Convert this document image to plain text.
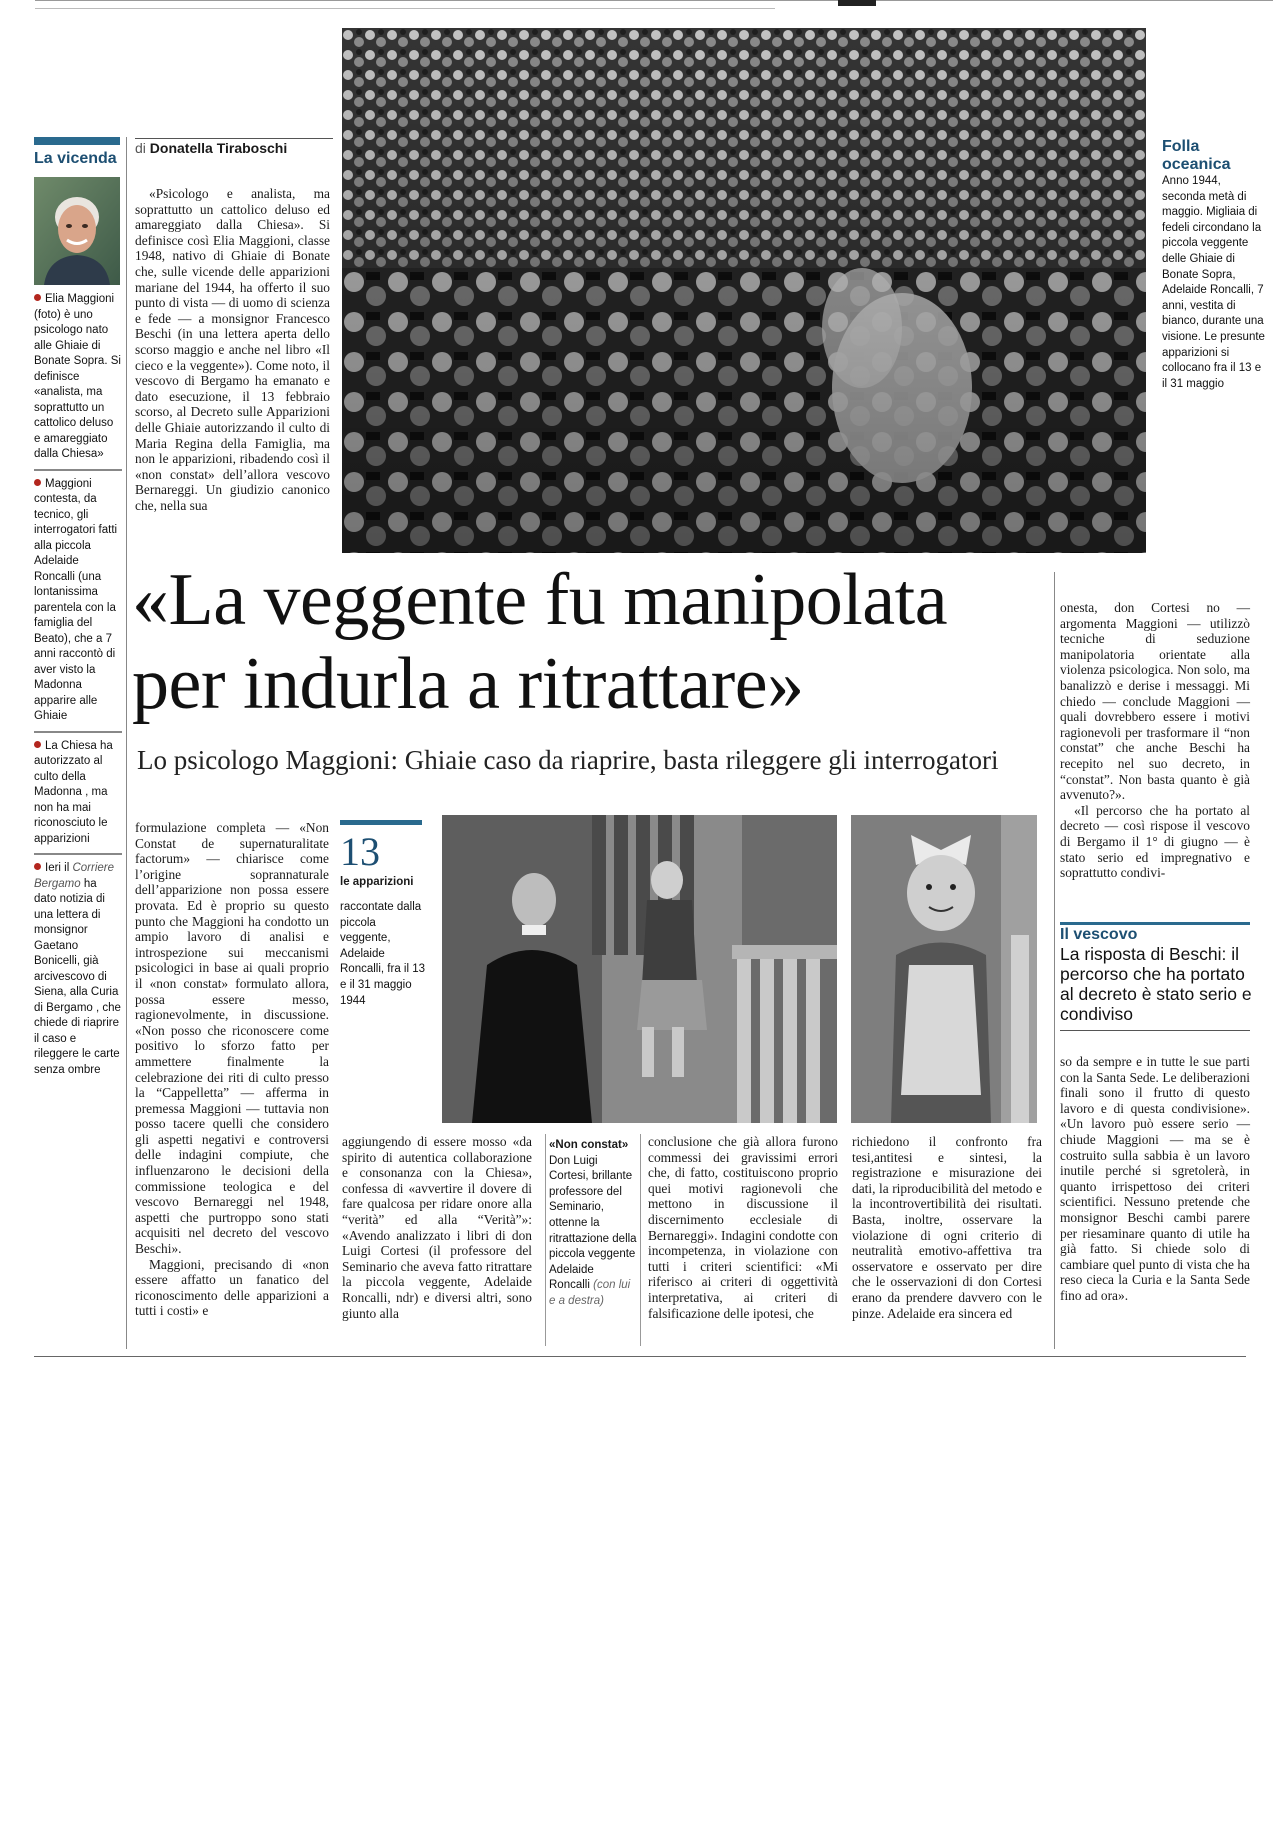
La vicenda
Elia Maggioni (foto) è uno psicologo nato alle Ghiaie di Bonate Sopra. Si definisce «analista, ma soprattutto un cattolico deluso e amareggiato dalla Chiesa»
Maggioni contesta, da tecnico, gli interrogatori fatti alla piccola Adelaide Roncalli (una lontanissima parentela con la famiglia del Beato), che a 7 anni raccontò di aver visto la Madonna apparire alle Ghiaie
La Chiesa ha autorizzato al culto della Madonna , ma non ha mai riconosciuto le apparizioni
Ieri il Corriere Bergamo ha dato notizia di una lettera di monsignor Gaetano Bonicelli, già arcivescovo di Siena, alla Curia di Bergamo , che chiede di riaprire il caso e rileggere le carte senza ombre
di Donatella Tiraboschi

«Psicologo e analista, ma soprattutto un cattolico deluso ed amareggiato dalla Chiesa». Si definisce così Elia Maggioni, classe 1948, nativo di Ghiaie di Bonate che, sulle vicende delle apparizioni mariane del 1944, ha offerto il suo punto di vista — di uomo di scienza e fede — a monsignor Francesco Beschi (in una lettera aperta dello scorso maggio e anche nel libro «Il cieco e la veggente»). Come noto, il vescovo di Bergamo ha emanato e dato esecuzione, il 13 febbraio scorso, al Decreto sulle Apparizioni delle Ghiaie autorizzando il culto di Maria Regina della Famiglia, ma non le apparizioni, ribadendo così il «non constat» dell’allora vescovo Bernareggi. Un giudizio canonico che, nella sua

Folla oceanica
Anno 1944, seconda metà di maggio. Migliaia di fedeli circondano la piccola veggente delle Ghiaie di Bonate Sopra, Adelaide Roncalli, 7 anni, vestita di bianco, durante una visione. Le presunte apparizioni si collocano fra il 13 e il 31 maggio
«La veggente fu manipolata
per indurla a ritrattare»
Lo psicologo Maggioni: Ghiaie caso da riaprire, basta rileggere gli interrogatori

onesta, don Cortesi no — argomenta Maggioni — utilizzò tecniche di seduzione manipolatoria orientate alla violenza psicologica. Non solo, ma banalizzò e derise i messaggi. Mi chiedo — conclude Maggioni — quali dovrebbero essere i motivi ragionevoli per trasformare il “non constat” che anche Beschi ha recepito nel suo decreto, in “constat”. Non basta quanto è già avvenuto?».

«Il percorso che ha portato al decreto — così rispose il vescovo di Bergamo il 1° di giugno — è stato serio ed impregnativo e soprattutto condivi-

Il vescovo
La risposta di Beschi: il percorso che ha portato al decreto è stato serio e condiviso

so da sempre e in tutte le sue parti con la Santa Sede. Le deliberazioni finali sono il frutto di questo lavoro e di questa condivisione». «Un lavoro può essere serio — chiude Maggioni — ma se è costruito sulla sabbia è un lavoro inutile perché si sgretolerà, in quanto irrispettoso dei criteri scientifici. Nessuno pretende che monsignor Beschi cambi parere per riesaminare quanto di utile ha già fatto. Si chiede solo di cambiare quel punto di vista che ha reso cieca la Curia e la Santa Sede fino ad ora».

formulazione completa — «Non Constat de supernaturalitate factorum» — chiarisce come l’origine soprannaturale dell’apparizione non possa essere provata. Ed è proprio su questo punto che Maggioni ha condotto un ampio lavoro di analisi e introspezione sui meccanismi psicologici in base ai quali proprio il «non constat» formulato allora, possa essere messo, ragionevolmente, in discussione. «Non posso che riconoscere come positivo lo sforzo fatto per ammettere finalmente la celebrazione dei riti di culto presso la “Cappelletta” — afferma in premessa Maggioni — tuttavia non posso tacere quelli che considero gli aspetti negativi e controversi delle indagini compiute, che influenzarono le decisioni della commissione teologica e del vescovo Bernareggi nel 1948, aspetti che purtroppo sono stati acquisiti nel decreto del vescovo Beschi».

Maggioni, precisando di «non essere affatto un fanatico del riconoscimento delle apparizioni a tutti i costi» e

13
le apparizioni
raccontate dalla piccola veggente, Adelaide Roncalli, fra il 13 e il 31 maggio 1944

aggiungendo di essere mosso «da spirito di autentica collaborazione e consonanza con la Chiesa», confessa di «avvertire il dovere di fare qualcosa per ridare onore alla “verità” ed alla “Verità”»: «Avendo analizzato i libri di don Luigi Cortesi (il professore del Seminario che aveva fatto ritrattare la piccola veggente, Adelaide Roncalli, ndr) e diversi altri, sono giunto alla

«Non constat»
Don Luigi Cortesi, brillante professore del Seminario, ottenne la ritrattazione della piccola veggente Adelaide Roncalli (con lui e a destra)

conclusione che già allora furono commessi dei gravissimi errori che, di fatto, costituiscono proprio quei motivi ragionevoli che mettono in discussione il discernimento ecclesiale di Bernareggi». Indagini condotte con incompetenza, in violazione con tutti i criteri scientifici: «Mi riferisco ai criteri di oggettività interpretativa, ai criteri di falsificazione delle ipotesi, che

richiedono il confronto fra tesi,antitesi e sintesi, la registrazione e misurazione dei dati, la riproducibilità del metodo e la incontrovertibilità dei risultati. Basta, inoltre, osservare la violazione di ogni criterio di neutralità emotivo-affettiva tra osservatore e osservato per dire che le osservazioni di don Cortesi erano da prendere davvero con le pinze. Adelaide era sincera ed
